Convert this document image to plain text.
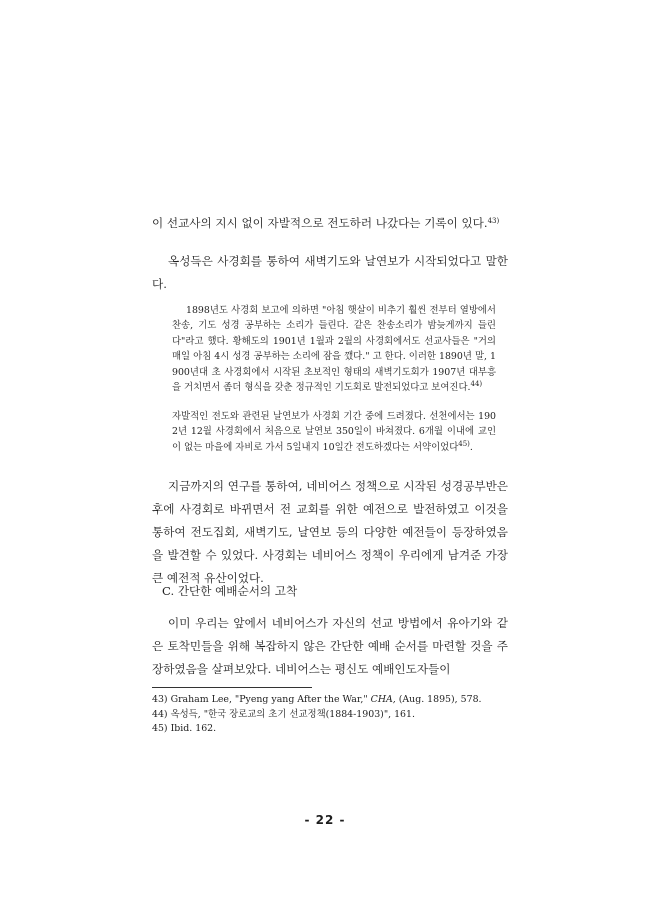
이 선교사의 지시 없이 자발적으로 전도하러 나갔다는 기록이 있다.$^{43)}$

옥성득은 사경회를 통하여 새벽기도와 날연보가 시작되었다고 말한다.

1898년도 사경회 보고에 의하면 "아침 햇살이 비추기 훨씬 전부터 열방에서 찬송, 기도 성경 공부하는 소리가 들린다. 같은 찬송소리가 밤늦게까지 들린다"라고 했다. 황해도의 1901년 1월과 2월의 사경회에서도 선교사들은 "거의 매일 아침 4시 성경 공부하는 소리에 잠을 깼다." 고 한다. 이러한 1890년 말, 1900년대 초 사경회에서 시작된 초보적인 형태의 새벽기도회가 1907년 대부흥을 거치면서 좀더 형식을 갖춘 정규적인 기도회로 발전되었다고 보여진다.$^{44)}$
자발적인 전도와 관련된 날연보가 사경회 기간 중에 드려졌다. 선천에서는 1902년 12월 사경회에서 처음으로 날연보 350일이 바쳐졌다. 6개월 이내에 교인이 없는 마을에 자비로 가서 5일내지 10일간 전도하겠다는 서약이었다$^{45)}$.

지금까지의 연구를 통하여, 네비어스 정책으로 시작된 성경공부반은 후에 사경회로 바뀌면서 전 교회를 위한 예전으로 발전하였고 이것을 통하여 전도집회, 새벽기도, 날연보 등의 다양한 예전들이 등장하였음을 발견할 수 있었다. 사경회는 네비어스 정책이 우리에게 남겨준 가장 큰 예전적 유산이었다.

C. 간단한 예배순서의 고착

이미 우리는 앞에서 네비어스가 자신의 선교 방법에서 유아기와 같은 토착민들을 위해 복잡하지 않은 간단한 예배 순서를 마련할 것을 주장하였음을 살펴보았다. 네비어스는 평신도 예배인도자들이

43) Graham Lee, "Pyeng yang After the War," CHA, (Aug. 1895), 578.
44) 옥성득, "한국 장로교의 초기 선교정책(1884-1903)", 161.
45) Ibid. 162.
- 22 -
